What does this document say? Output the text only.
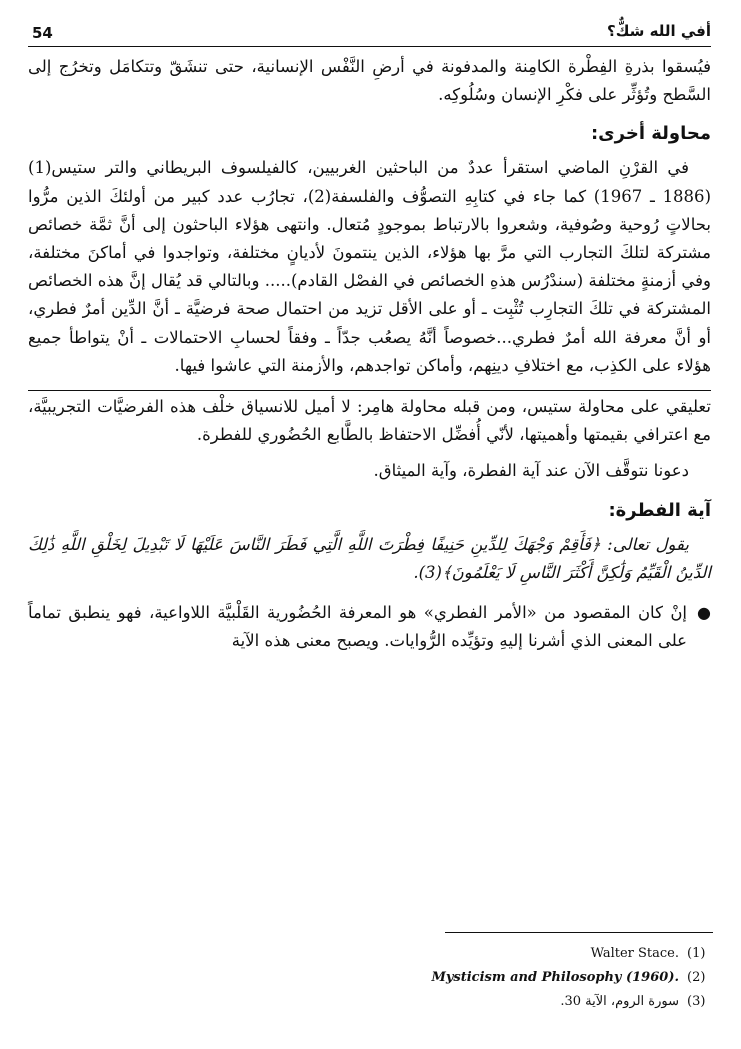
54	أفي الله شكٌّ؟

فيُسقوا بذرةِ الفِطْرة الكامِنة والمدفونة في أرضِ النَّفْس الإنسانية، حتى تنشَقّ وتتكامَل وتخرُج إلى السَّطح وتُؤثِّر على فكْرِ الإنسان وسُلُوكِه.

محاولة أخرى:

في القرْنِ الماضي استقرأ عددٌ من الباحثين الغربيين، كالفيلسوف البريطاني والتر ستيس(1) (1886 ـ 1967) كما جاء في كتابِهِ التصوُّف والفلسفة(2)، تجارُب عدد كبير من أولئكَ الذين مرُّوا بحالاتٍ رُوحية وصُوفية، وشعروا بالارتباط بموجودٍ مُتعال. وانتهى هؤلاء الباحثون إلى أنَّ ثمَّة خصائص مشتركة لتلكَ التجارب التي مرَّ بها هؤلاء، الذين ينتمونَ لأديانٍ مختلفة، وتواجدوا في أماكنَ مختلفة، وفي أزمنةٍ مختلفة (سندْرُس هذهِ الخصائص في الفصْل القادم)..... وبالتالي قد يُقال إنَّ هذه الخصائص المشتركة في تلكَ التجارِب تُثْبِت ـ أو على الأقل تزيد من احتمال صحة فرضيَّة ـ أنَّ الدِّين أمرٌ فطري، أو أنَّ معرفة الله أمرٌ فطري...خصوصاً أنَّهُ يصعُب جدّاً ـ وفقاً لحسابِ الاحتمالات ـ أنْ يتواطأ جميع هؤلاء على الكذِب، مع اختلافِ دينِهم، وأماكن تواجدهم، والأزمنة التي عاشوا فيها.

تعليقي على محاولة ستيس، ومن قبله محاولة هامِر: لا أميل للانسياق خلْف هذه الفرضيَّات التجريبيَّة، مع اعترافي بقيمتها وأهميتها، لأنّي أُفضِّل الاحتفاظ بالطَّابع الحُضُوري للفطرة.

دعونا نتوقَّف الآن عند آية الفطرة، وآية الميثاق.

آية الفطرة:

يقول تعالى: ﴿فَأَقِمْ وَجْهَكَ لِلدِّينِ حَنِيفًا فِطْرَتَ اللَّهِ الَّتِي فَطَرَ النَّاسَ عَلَيْهَا لَا تَبْدِيلَ لِخَلْقِ اللَّهِ ذَٰلِكَ الدِّينُ الْقَيِّمُ وَلَٰكِنَّ أَكْثَرَ النَّاسِ لَا يَعْلَمُونَ﴾(3).

●

إنْ كان المقصود من «الأمر الفطري» هو المعرفة الحُضُورية القَلْبيَّة اللاواعية، فهو ينطبق تماماً على المعنى الذي أشرنا إليهِ وتؤيِّده الرُّوايات. ويصبح معنى هذه الآية

Walter Stace. (1)
Mysticism and Philosophy (1960). (2)
سورة الروم، الآية 30. (3)
